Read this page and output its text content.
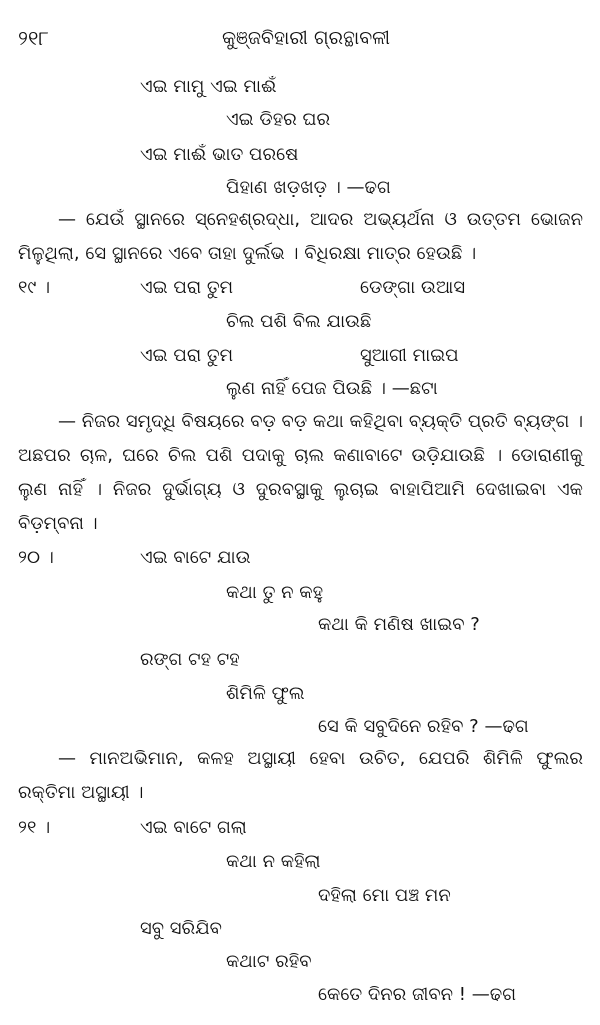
୨୧୮	କୁଞ୍ଜବିହାରୀ ଗ୍ରନ୍ଥାବଳୀ
ଏଇ ମାମୁ ଏଇ ମାଈଁ
ଏଇ ଡିହର ଘର
ଏଇ ମାଈଁ ଭାତ ପରଷେ
ପିହାଣ ଖଡ଼ଖଡ଼ । —ଢଗ
— ଯେଉଁ ସ୍ଥାନରେ ସ୍ନେହଶ୍ରଦ୍ଧା, ଆଦର ଅଭ୍ୟର୍ଥନା ଓ ଉତ୍ତମ ଭୋଜନ
ମିଳୁଥିଲା, ସେ ସ୍ଥାନରେ ଏବେ ତାହା ଦୁର୍ଲଭ । ବିଧିରକ୍ଷା ମାତ୍ର ହେଉଛି ।
୧୯ ।	ଏଇ ପରା ତୁମ	ଡେଙ୍ଗା ଉଆସ
ଚିଲ ପଶି ବିଲ ଯାଉଛି
ଏଇ ପରା ତୁମ	ସୁଆଗୀ ମାଇପ
ଲୁଣ ନାହିଁ ପେଜ ପିଉଛି । —ଛଟା
— ନିଜର ସମୃଦ୍ଧି ବିଷୟରେ ବଡ଼ ବଡ଼ କଥା କହିଥିବା ବ୍ୟକ୍ତି ପ୍ରତି ବ୍ୟଙ୍ଗ ।
ଅଛପର ଚାଳ, ଘରେ ଚିଲ ପଶି ପଦାକୁ ଚାଲ କଣାବାଟେ ଉଡ଼ିଯାଉଛି । ଡୋରାଣୀକୁ
ଲୁଣ ନାହିଁ । ନିଜର ଦୁର୍ଭାଗ୍ୟ ଓ ଦୁରବସ୍ଥାକୁ ଲୁଚାଇ ବାହାପିଆମି ଦେଖାଇବା ଏକ
ବିଡ଼ମ୍ବନା ।
୨୦ ।	ଏଇ ବାଟେ ଯାଉ
କଥା ତୁ ନ କହୁ
କଥା କି ମଣିଷ ଖାଇବ ?
ରଙ୍ଗ ଟହ ଟହ
ଶିମିଳି ଫୁଲ
ସେ କି ସବୁଦିନେ ରହିବ ? —ଢଗ
— ମାନଅଭିମାନ, କଳହ ଅସ୍ଥାୟୀ ହେବା ଉଚିତ, ଯେପରି ଶିମିଳି ଫୁଲର
ରକ୍ତିମା ଅସ୍ଥାୟୀ ।
୨୧ ।	ଏଇ ବାଟେ ଗଲା
କଥା ନ କହିଲା
ଦହିଲା ମୋ ପଞ୍ଚ ମନ
ସବୁ ସରିଯିବ
କଥାଟ ରହିବ
କେତେ ଦିନର ଜୀବନ ! —ଢଗ
